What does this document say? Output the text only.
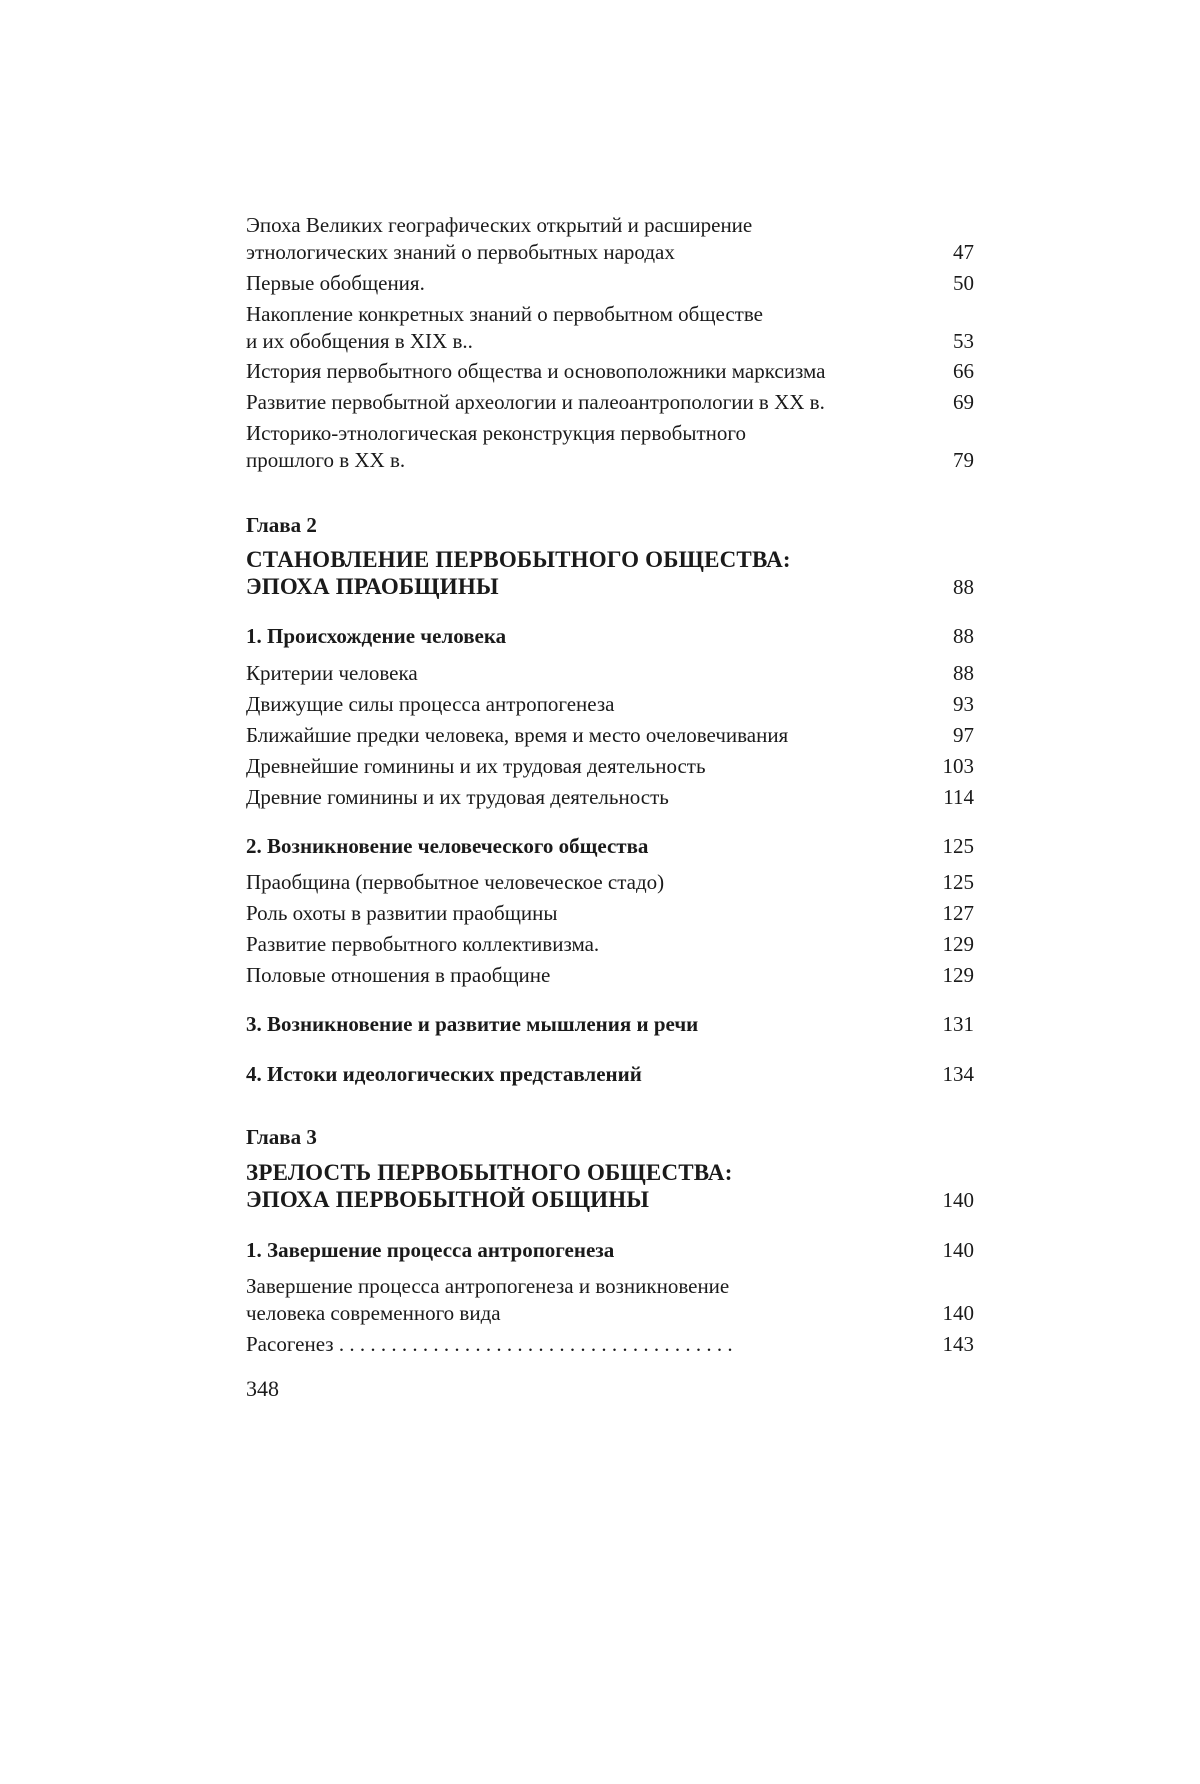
Эпоха Великих географических открытий и расширение
этнологических знаний о первобытных народах	47
Первые обобщения.	50
Накопление конкретных знаний о первобытном обществе
и их обобщения в XIX в..	53
История первобытного общества и основоположники марксизма	66
Развитие первобытной археологии и палеоантропологии в XX в.	69
Историко-этнологическая реконструкция первобытного
прошлого в XX в.	79
Глава 2
СТАНОВЛЕНИЕ ПЕРВОБЫТНОГО ОБЩЕСТВА:
ЭПОХА ПРАОБЩИНЫ	88
1. Происхождение человека	88
Критерии человека	88
Движущие силы процесса антропогенеза	93
Ближайшие предки человека, время и место очеловечивания	97
Древнейшие гоминины и их трудовая деятельность	103
Древние гоминины и их трудовая деятельность	114
2. Возникновение человеческого общества	125
Праобщина (первобытное человеческое стадо)	125
Роль охоты в развитии праобщины	127
Развитие первобытного коллективизма.	129
Половые отношения в праобщине	129
3. Возникновение и развитие мышления и речи	131
4. Истоки идеологических представлений	134
Глава 3
ЗРЕЛОСТЬ ПЕРВОБЫТНОГО ОБЩЕСТВА:
ЭПОХА ПЕРВОБЫТНОЙ ОБЩИНЫ	140
1. Завершение процесса антропогенеза	140
Завершение процесса антропогенеза и возникновение
человека современного вида	140
Расогенез . . . . . . . . . . . . . . . . . . . . . . . . . . . . . . . . . . . . . .	143
348
